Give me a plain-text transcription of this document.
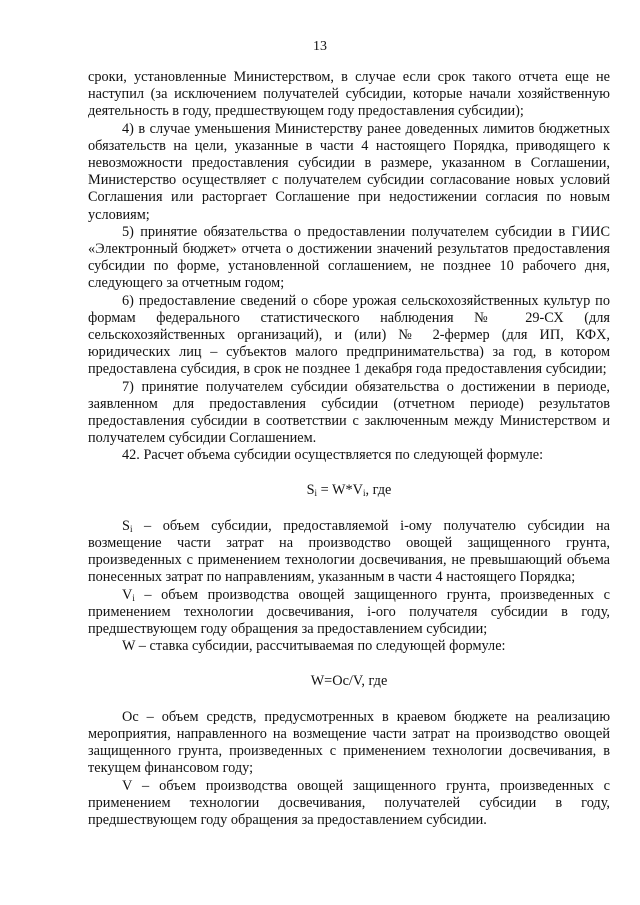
13

сроки, установленные Министерством, в случае если срок такого отчета еще не наступил (за исключением получателей субсидии, которые начали хозяйственную деятельность в году, предшествующем году предоставления субсидии);

4) в случае уменьшения Министерству ранее доведенных лимитов бюджетных обязательств на цели, указанные в части 4 настоящего Порядка, приводящего к невозможности предоставления субсидии в размере, указанном в Соглашении, Министерство осуществляет с получателем субсидии согласование новых условий Соглашения или расторгает Соглашение при недостижении согласия по новым условиям;

5) принятие обязательства о предоставлении получателем субсидии в ГИИС «Электронный бюджет» отчета о достижении значений результатов предоставления субсидии по форме, установленной соглашением, не позднее 10 рабочего дня, следующего за отчетным годом;

6) предоставление сведений о сборе урожая сельскохозяйственных культур по формам федерального статистического наблюдения № 29-СХ (для сельскохозяйственных организаций), и (или) № 2-фермер (для ИП, КФХ, юридических лиц – субъектов малого предпринимательства) за год, в котором предоставлена субсидия, в срок не позднее 1 декабря года предоставления субсидии;

7) принятие получателем субсидии обязательства о достижении в периоде, заявленном для предоставления субсидии (отчетном периоде) результатов предоставления субсидии в соответствии с заключенным между Министерством и получателем субсидии Соглашением.

42. Расчет объема субсидии осуществляется по следующей формуле:

$S_i = W*V_i$, где

$S_i$ – объем субсидии, предоставляемой i-ому получателю субсидии на возмещение части затрат на производство овощей защищенного грунта, произведенных с применением технологии досвечивания, не превышающий объема понесенных затрат по направлениям, указанным в части 4 настоящего Порядка;

$V_i$ – объем производства овощей защищенного грунта, произведенных с применением технологии досвечивания, i-ого получателя субсидии в году, предшествующем году обращения за предоставлением субсидии;

W – ставка субсидии, рассчитываемая по следующей формуле:

W=Oc/V, где

Ос – объем средств, предусмотренных в краевом бюджете на реализацию мероприятия, направленного на возмещение части затрат на производство овощей защищенного грунта, произведенных с применением технологии досвечивания, в текущем финансовом году;

V – объем производства овощей защищенного грунта, произведенных с применением технологии досвечивания, получателей субсидии в году, предшествующем году обращения за предоставлением субсидии.
